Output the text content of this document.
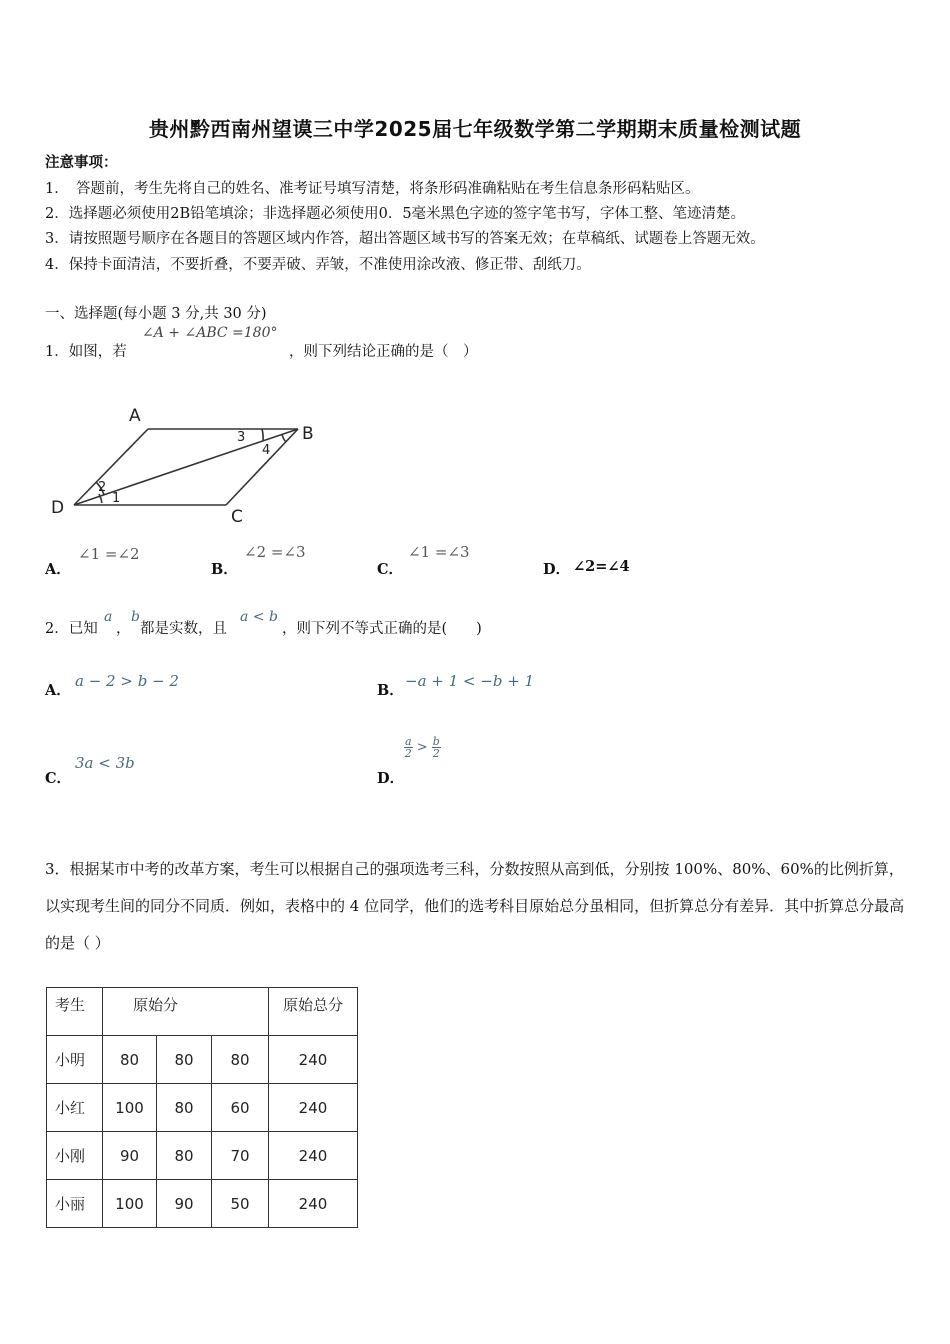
贵州黔西南州望谟三中学2025届七年级数学第二学期期末质量检测试题
注意事项：
1．　答题前，考生先将自己的姓名、准考证号填写清楚，将条形码准确粘贴在考生信息条形码粘贴区。
2．选择题必须使用2B铅笔填涂；非选择题必须使用0．5毫米黑色字迹的签字笔书写，字体工整、笔迹清楚。
3．请按照题号顺序在各题目的答题区域内作答，超出答题区域书写的答案无效；在草稿纸、试题卷上答题无效。
4．保持卡面清洁，不要折叠，不要弄破、弄皱，不准使用涂改液、修正带、刮纸刀。
一、选择题(每小题 3 分,共 30 分)
1．如图，若
∠A + ∠ABC =180°
，则下列结论正确的是（　）
A
B
C
D
2
1
3
4
A．
∠1 =∠2
B．
∠2 =∠3
C．
∠1 =∠3
D． ∠2=∠4
2．已知
a
，
b
都是实数，且
a < b
，则下列不等式正确的是(　　)
A．
a − 2 > b − 2
B．
−a + 1 < −b + 1
C．
3a < 3b
D．
$\frac{a}{2} > \frac{b}{2}$
3．根据某市中考的改革方案，考生可以根据自己的强项选考三科，分数按照从高到低，分别按 100%、80%、60%的比例折算，以实现考生间的同分不同质．例如，表格中的 4 位同学，他们的选考科目原始总分虽相同，但折算总分有差异．其中折算总分最高的是（ ）
考生	原始分			原始总分
小明	80	80	80	240
小红	100	80	60	240
小刚	90	80	70	240
小丽	100	90	50	240
